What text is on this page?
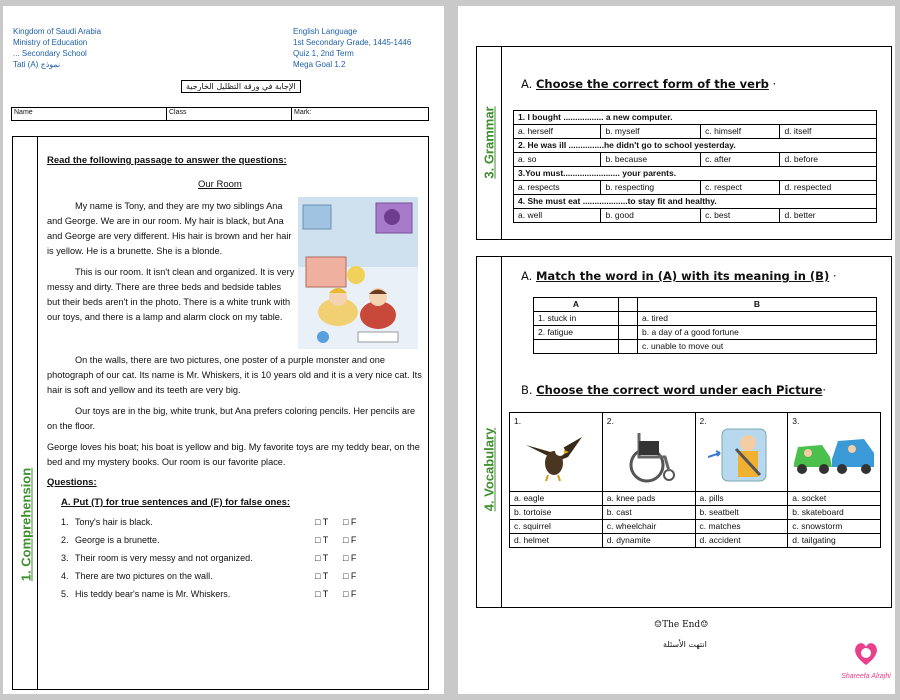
Kingdom of Saudi Arabia
Ministry of Education
... Secondary School
Tati (A) نموذج
English Language
1st Secondary Grade, 1445-1446
Quiz 1, 2nd Term
Mega Goal 1.2
الإجابة في ورقة التظليل الخارجية
Name	Class	Mark:
1. Comprehension
Read the following passage to answer the questions:
Our Room

My name is Tony, and they are my two siblings Ana and George. We are in our room. My hair is black, but Ana and George are very different. His hair is brown and her hair is yellow. He is a brunette. She is a blonde.

This is our room. It isn't clean and organized. It is very messy and dirty. There are three beds and bedside tables but their beds aren't in the photo. There is a white trunk with our toys, and there is a lamp and alarm clock on my table.

On the walls, there are two pictures, one poster of a purple monster and one photograph of our cat. Its name is Mr. Whiskers, it is 10 years old and it is a very nice cat. Its hair is soft and yellow and its teeth are very big.

Our toys are in the big, white trunk, but Ana prefers coloring pencils. Her pencils are on the floor.

George loves his boat; his boat is yellow and big. My favorite toys are my teddy bear, on the bed and my mystery books. Our room is our favorite place.

Questions:
A. Put (T) for true sentences and (F) for false ones:
1. Tony's hair is black.	□ T	□ F
2. George is a brunette.	□ T	□ F
3. Their room is very messy and not organized.	□ T	□ F
4. There are two pictures on the wall.	□ T	□ F
5. His teddy bear's name is Mr. Whiskers.	□ T	□ F
3. Grammar
A. Choose the correct form of the verb ·
1. I bought ................. a new computer.			
a. herself	b. myself	c. himself	d. itself
2. He was ill ...............he didn't go to school yesterday.			
a. so	b. because	c. after	d. before
3.You must........................ your parents.			
a. respects	b. respecting	c. respect	d. respected
4. She must eat ...................to stay fit and healthy.			
a. well	b. good	c. best	d. better
4. Vocabulary
A. Match the word in (A) with its meaning in (B) ·
A		B
1. stuck in		a. tired
2. fatigue		b. a day of a good fortune
		c. unable to move out
B. Choose the correct word under each Picture·
1.	2.	2.	3.

a. eagle	a. knee pads	a. pills	a. socket
b. tortoise	b. cast	b. seatbelt	b. skateboard
c. squirrel	c. wheelchair	c. matches	c. snowstorm
d. helmet	d. dynamite	d. accident	d. tailgating
☺The End☺
انتهت الأسئلة
Shareefa Alrajhi
